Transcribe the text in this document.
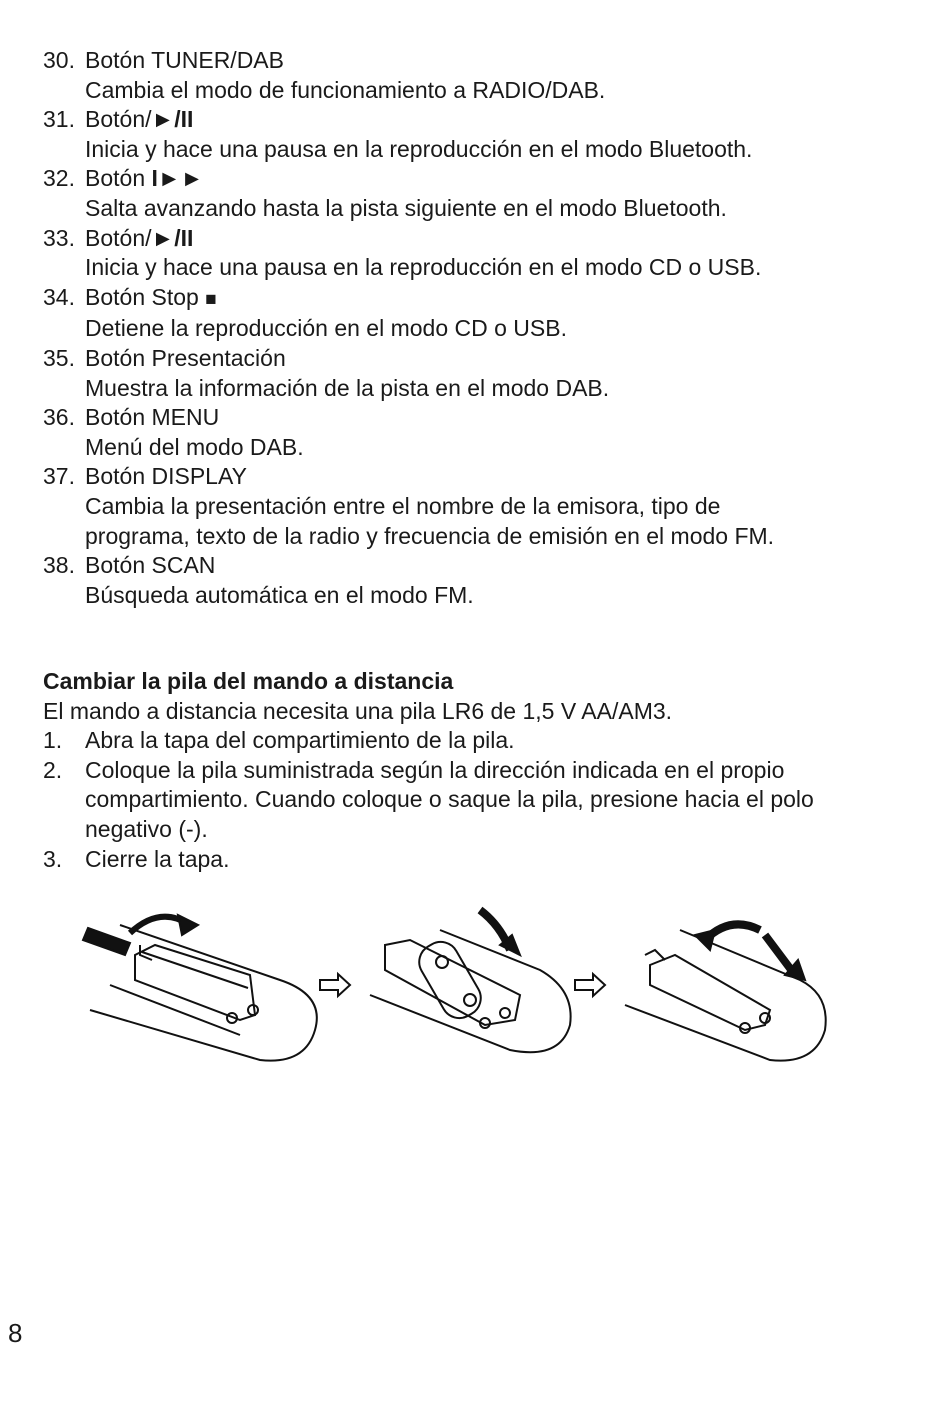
30. Botón TUNER/DAB
Cambia el modo de funcionamiento a RADIO/DAB.
31. Botón/►/II
Inicia y hace una pausa en la reproducción en el modo Bluetooth.
32. Botón I►►
Salta avanzando hasta la pista siguiente en el modo Bluetooth.
33. Botón/►/II
Inicia y hace una pausa en la reproducción en el modo CD o USB.
34. Botón Stop ■
Detiene la reproducción en el modo CD o USB.
35. Botón Presentación
Muestra la información de la pista en el modo DAB.
36. Botón MENU
Menú del modo DAB.
37. Botón DISPLAY
Cambia la presentación entre el nombre de la emisora, tipo de
programa, texto de la radio y frecuencia de emisión en el modo FM.
38. Botón SCAN
Búsqueda automática en el modo FM.
Cambiar la pila del mando a distancia
El mando a distancia necesita una pila LR6 de 1,5 V AA/AM3.
1. Abra la tapa del compartimiento de la pila.
2. Coloque la pila suministrada según la dirección indicada en el propio
compartimiento. Cuando coloque o saque la pila, presione hacia el polo
negativo (-).
3. Cierre la tapa.
8
